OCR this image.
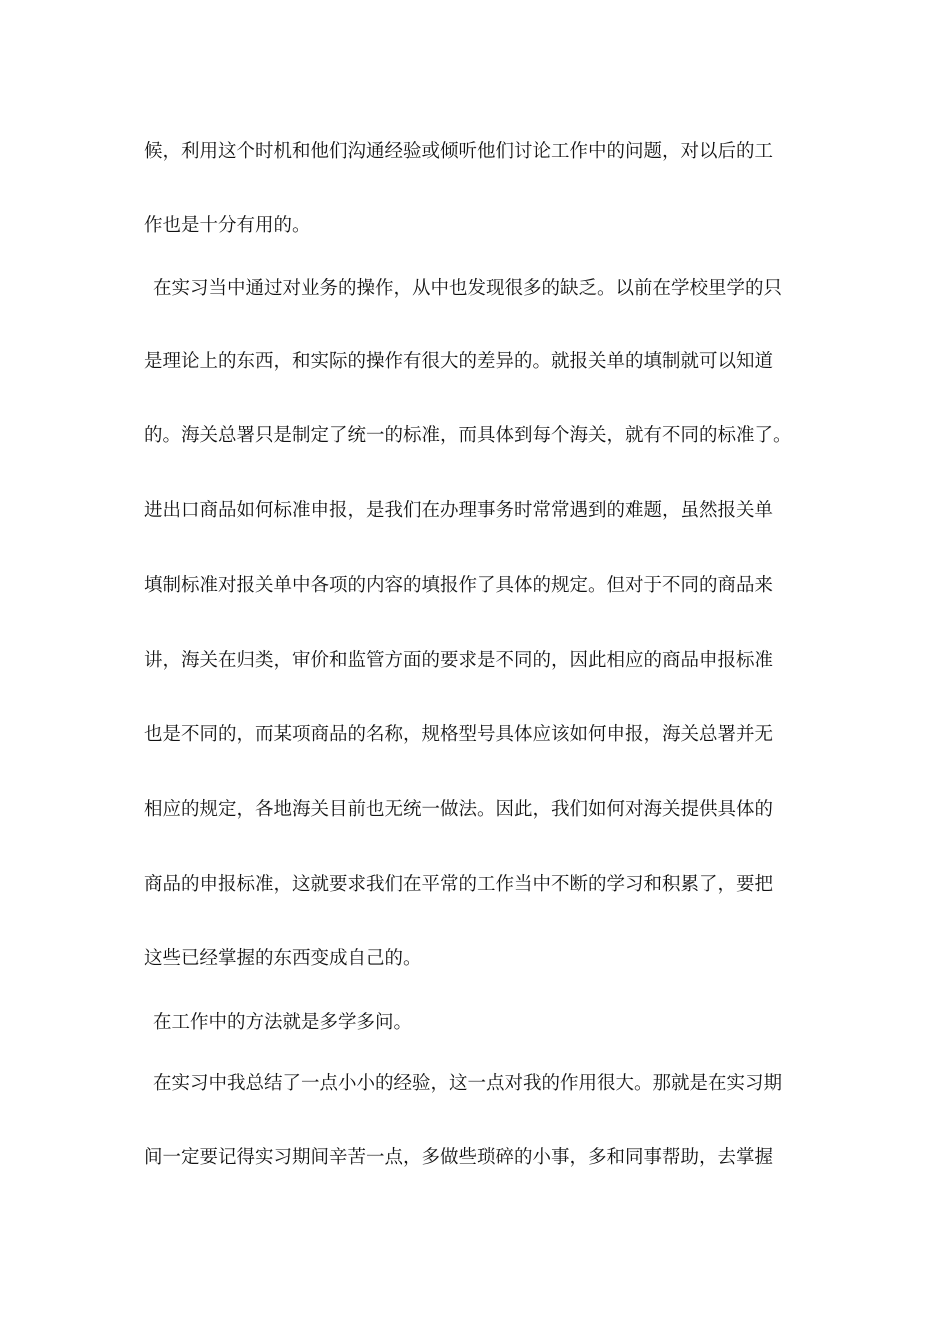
候，利用这个时机和他们沟通经验或倾听他们讨论工作中的问题，对以后的工
作也是十分有用的。
在实习当中通过对业务的操作，从中也发现很多的缺乏。以前在学校里学的只
是理论上的东西，和实际的操作有很大的差异的。就报关单的填制就可以知道
的。海关总署只是制定了统一的标准，而具体到每个海关，就有不同的标准了。
进出口商品如何标准申报，是我们在办理事务时常常遇到的难题，虽然报关单
填制标准对报关单中各项的内容的填报作了具体的规定。但对于不同的商品来
讲，海关在归类，审价和监管方面的要求是不同的，因此相应的商品申报标准
也是不同的，而某项商品的名称，规格型号具体应该如何申报，海关总署并无
相应的规定，各地海关目前也无统一做法。因此，我们如何对海关提供具体的
商品的申报标准，这就要求我们在平常的工作当中不断的学习和积累了，要把
这些已经掌握的东西变成自己的。
在工作中的方法就是多学多问。
在实习中我总结了一点小小的经验，这一点对我的作用很大。那就是在实习期
间一定要记得实习期间辛苦一点，多做些琐碎的小事，多和同事帮助，去掌握
